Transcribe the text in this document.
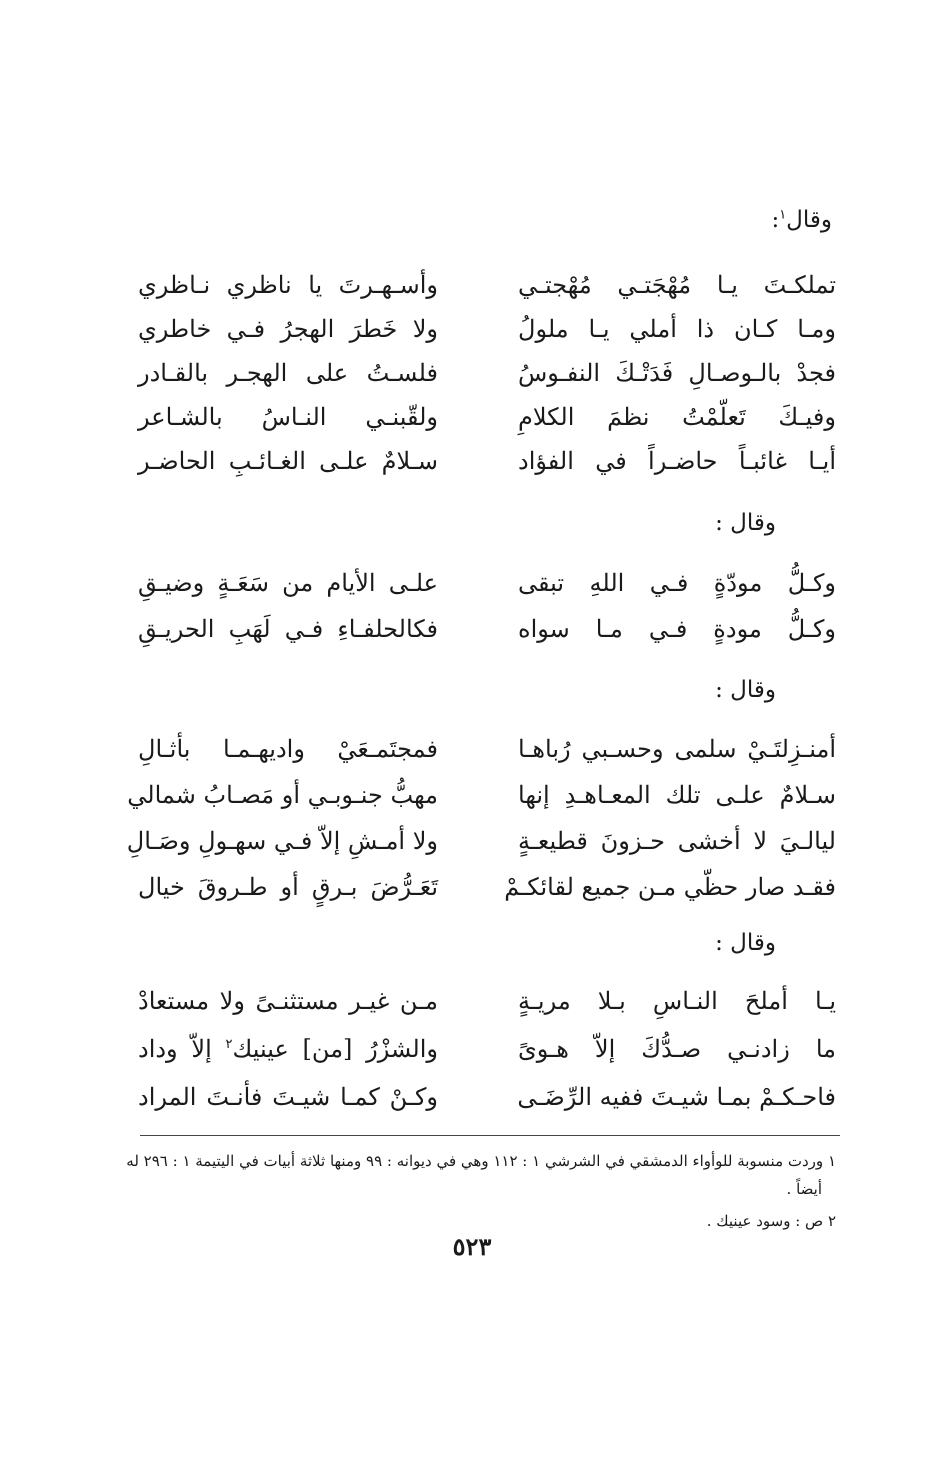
وقال$^١$:
تملكـتَ يـا مُهْجَتـي مُهْجتـي
وأسـهـرتَ يا ناظري نـاظري
ومـا كـان ذا أملي يـا ملولُ
ولا خَطرَ الهجرُ فـي خاطري
فجدْ بالـوصـالِ فَدَتْـكَ النفـوسُ
فلسـتُ على الهجـر بالقـادر
وفيـكَ تَعلّمْتُ نظمَ الكلامِ
ولقّبنـي النـاسُ بالشـاعر
أيـا غائبـاً حاضـراً في الفؤاد
سـلامٌ علـى الغـائـبِ الحاضـر
وقال :
وكـلُّ مودّةٍ فـي اللهِ تبقى
علـى الأيام من سَعَـةٍ وضيـقِ
وكـلُّ مودةٍ فـي مـا سواه
فكالحلفـاءِ فـي لَهَبِ الحريـقِ
وقال :
أمنـزِلتَـيْ سلمى وحسـبي رُباهـا
فمجتَمـعَيْ واديهـمـا بأثـالِ
سـلامٌ علـى تلك المعـاهـدِ إنها
مهبُّ جنـوبـي أو مَصـابُ شمالي
ليالـيَ لا أخشى حـزونَ قطيعـةٍ
ولا أمـشِ إلاّ فـي سهـولِ وصَـالِ
فقـد صار حظّي مـن جميع لقائكـمْ
تَعَـرُّضَ بـرقٍ أو طـروقَ خيال
وقال :
يـا أملحَ النـاسِ بـلا مريـةٍ
مـن غيـر مستثنـىً ولا مستعادْ
ما زادنـي صـدُّكَ إلاّ هـوىً
والشزْرُ [من] عينيك$^٢$ إلاّ وداد
فاحـكـمْ بمـا شيـتَ ففيه الرِّضَـى
وكـنْ كمـا شيـتَ فأنـتَ المراد
١ وردت منسوبة للوأواء الدمشقي في الشرشي ١ : ١١٢ وهي في ديوانه : ٩٩ ومنها ثلاثة أبيات في اليتيمة ١ : ٢٩٦ له
أيضاً .
٢ ص : وسود عينيك .
٥٢٣
